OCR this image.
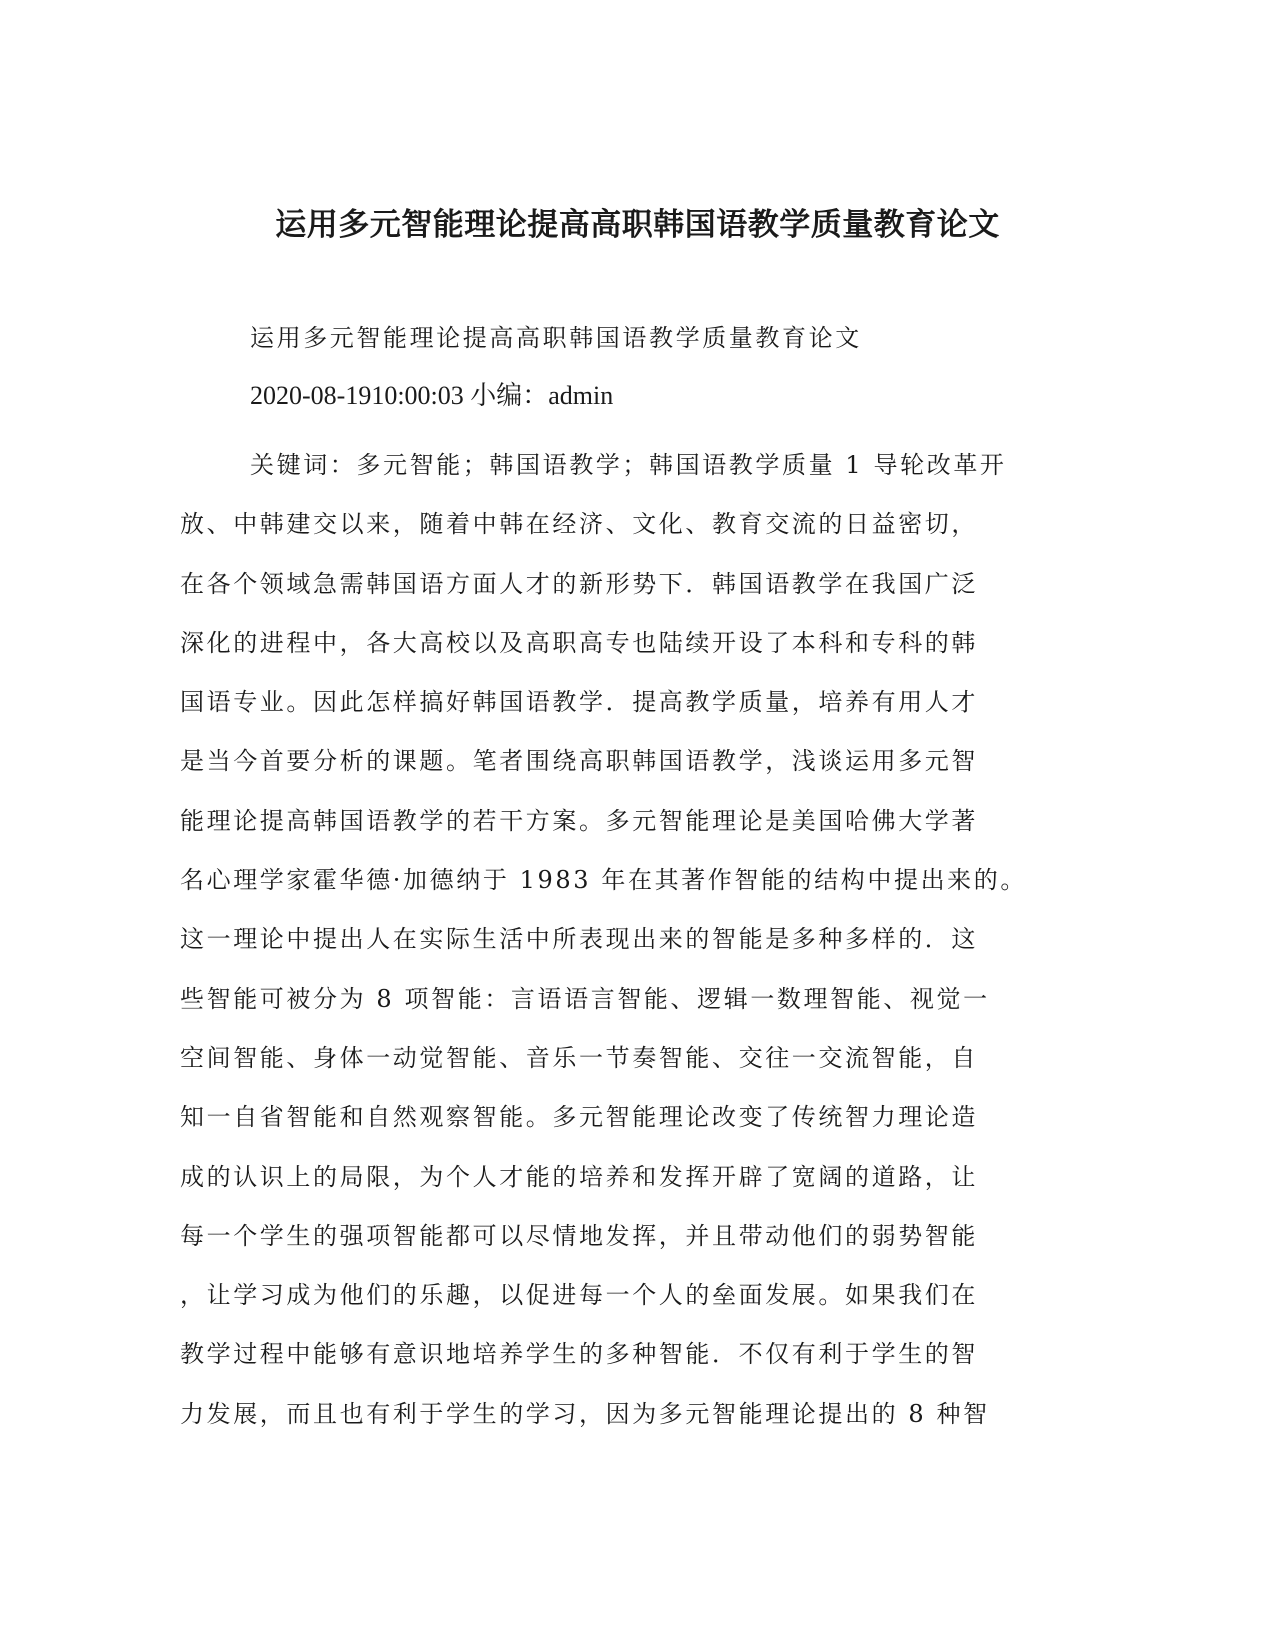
运用多元智能理论提高高职韩国语教学质量教育论文

运用多元智能理论提高高职韩国语教学质量教育论文

2020-08-1910:00:03 小编：admin

关键词：多元智能；韩国语教学；韩国语教学质量 1 导轮改革开
放、中韩建交以来，随着中韩在经济、文化、教育交流的日益密切，
在各个领域急需韩国语方面人才的新形势下．韩国语教学在我国广泛
深化的进程中，各大高校以及高职高专也陆续开设了本科和专科的韩
国语专业。因此怎样搞好韩国语教学．提高教学质量，培养有用人才
是当今首要分析的课题。笔者围绕高职韩国语教学，浅谈运用多元智
能理论提高韩国语教学的若干方案。多元智能理论是美国哈佛大学著
名心理学家霍华德·加德纳于 1983 年在其著作智能的结构中提出来的。
这一理论中提出人在实际生活中所表现出来的智能是多种多样的．这
些智能可被分为 8 项智能：言语语言智能、逻辑一数理智能、视觉一
空间智能、身体一动觉智能、音乐一节奏智能、交往一交流智能，自
知一自省智能和自然观察智能。多元智能理论改变了传统智力理论造
成的认识上的局限，为个人才能的培养和发挥开辟了宽阔的道路，让
每一个学生的强项智能都可以尽情地发挥，并且带动他们的弱势智能
，让学习成为他们的乐趣，以促进每一个人的垒面发展。如果我们在
教学过程中能够有意识地培养学生的多种智能．不仅有利于学生的智
力发展，而且也有利于学生的学习，因为多元智能理论提出的 8 种智
